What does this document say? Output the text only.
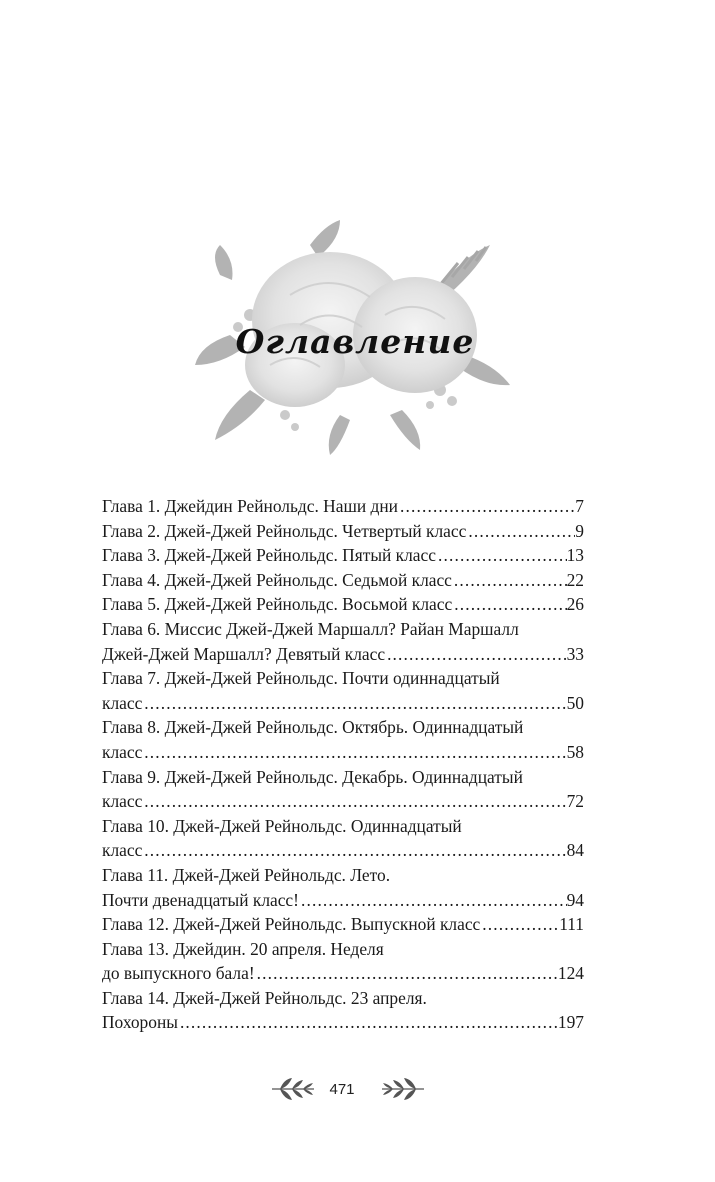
Оглавление
Глава 1. Джейдин Рейнольдс. Наши дни . . .	7
Глава 2. Джей-Джей Рейнольдс. Четвертый класс . . .	9
Глава 3. Джей-Джей Рейнольдс. Пятый класс . . .	13
Глава 4. Джей-Джей Рейнольдс. Седьмой класс . . .	22
Глава 5. Джей-Джей Рейнольдс. Восьмой класс . . .	26
Глава 6. Миссис Джей-Джей Маршалл? Райан Маршалл
Джей-Джей Маршалл? Девятый класс . . .	33
Глава 7. Джей-Джей Рейнольдс. Почти одиннадцатый
класс . . .	50
Глава 8. Джей-Джей Рейнольдс. Октябрь. Одиннадцатый
класс . . .	58
Глава 9. Джей-Джей Рейнольдс. Декабрь. Одиннадцатый
класс . . .	72
Глава 10. Джей-Джей Рейнольдс. Одиннадцатый
класс . . .	84
Глава 11. Джей-Джей Рейнольдс. Лето.
Почти двенадцатый класс! . . .	94
Глава 12. Джей-Джей Рейнольдс. Выпускной класс . . .	111
Глава 13. Джейдин. 20 апреля. Неделя
до выпускного бала! . . .	124
Глава 14. Джей-Джей Рейнольдс. 23 апреля.
Похороны . . .	197
471
